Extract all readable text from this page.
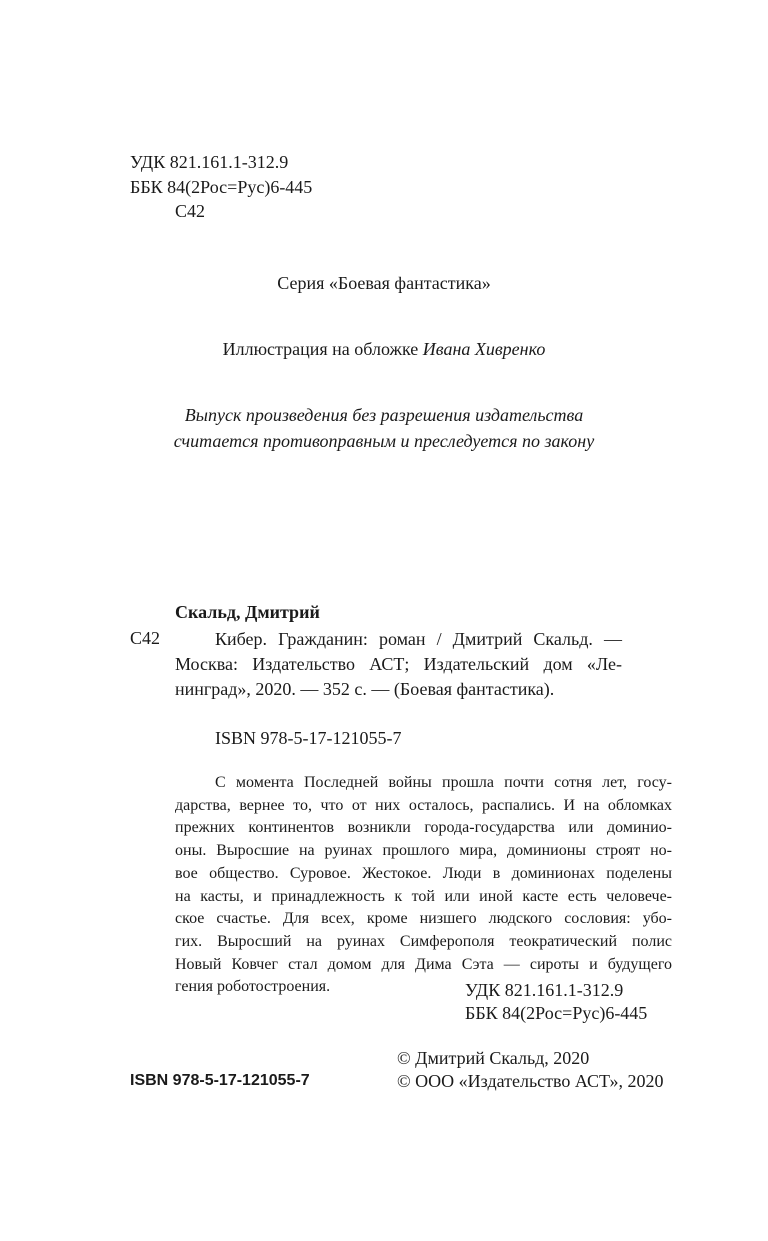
УДК 821.161.1-312.9
ББК 84(2Рос=Рус)6-445
С42
Серия «Боевая фантастика»
Иллюстрация на обложке Ивана Хивренко
Выпуск произведения без разрешения издательства
считается противоправным и преследуется по закону
Скальд, Дмитрий
С42	Кибер. Гражданин: роман / Дмитрий Скальд. —
Москва: Издательство АСТ; Издательский дом «Ле-
нинград», 2020. — 352 с. — (Боевая фантастика).
ISBN 978-5-17-121055-7
С момента Последней войны прошла почти сотня лет, госу-
дарства, вернее то, что от них осталось, распались. И на обломках
прежних континентов возникли города-государства или доминио-
оны. Выросшие на руинах прошлого мира, доминионы строят но-
вое общество. Суровое. Жестокое. Люди в доминионах поделены
на касты, и принадлежность к той или иной касте есть человече-
ское счастье. Для всех, кроме низшего людского сословия: убо-
гих. Выросший на руинах Симферополя теократический полис
Новый Ковчег стал домом для Дима Сэта — сироты и будущего
гения роботостроения.	УДК 821.161.1-312.9
ББК 84(2Рос=Рус)6-445
© Дмитрий Скальд, 2020
© ООО «Издательство АСТ», 2020
ISBN 978-5-17-121055-7
